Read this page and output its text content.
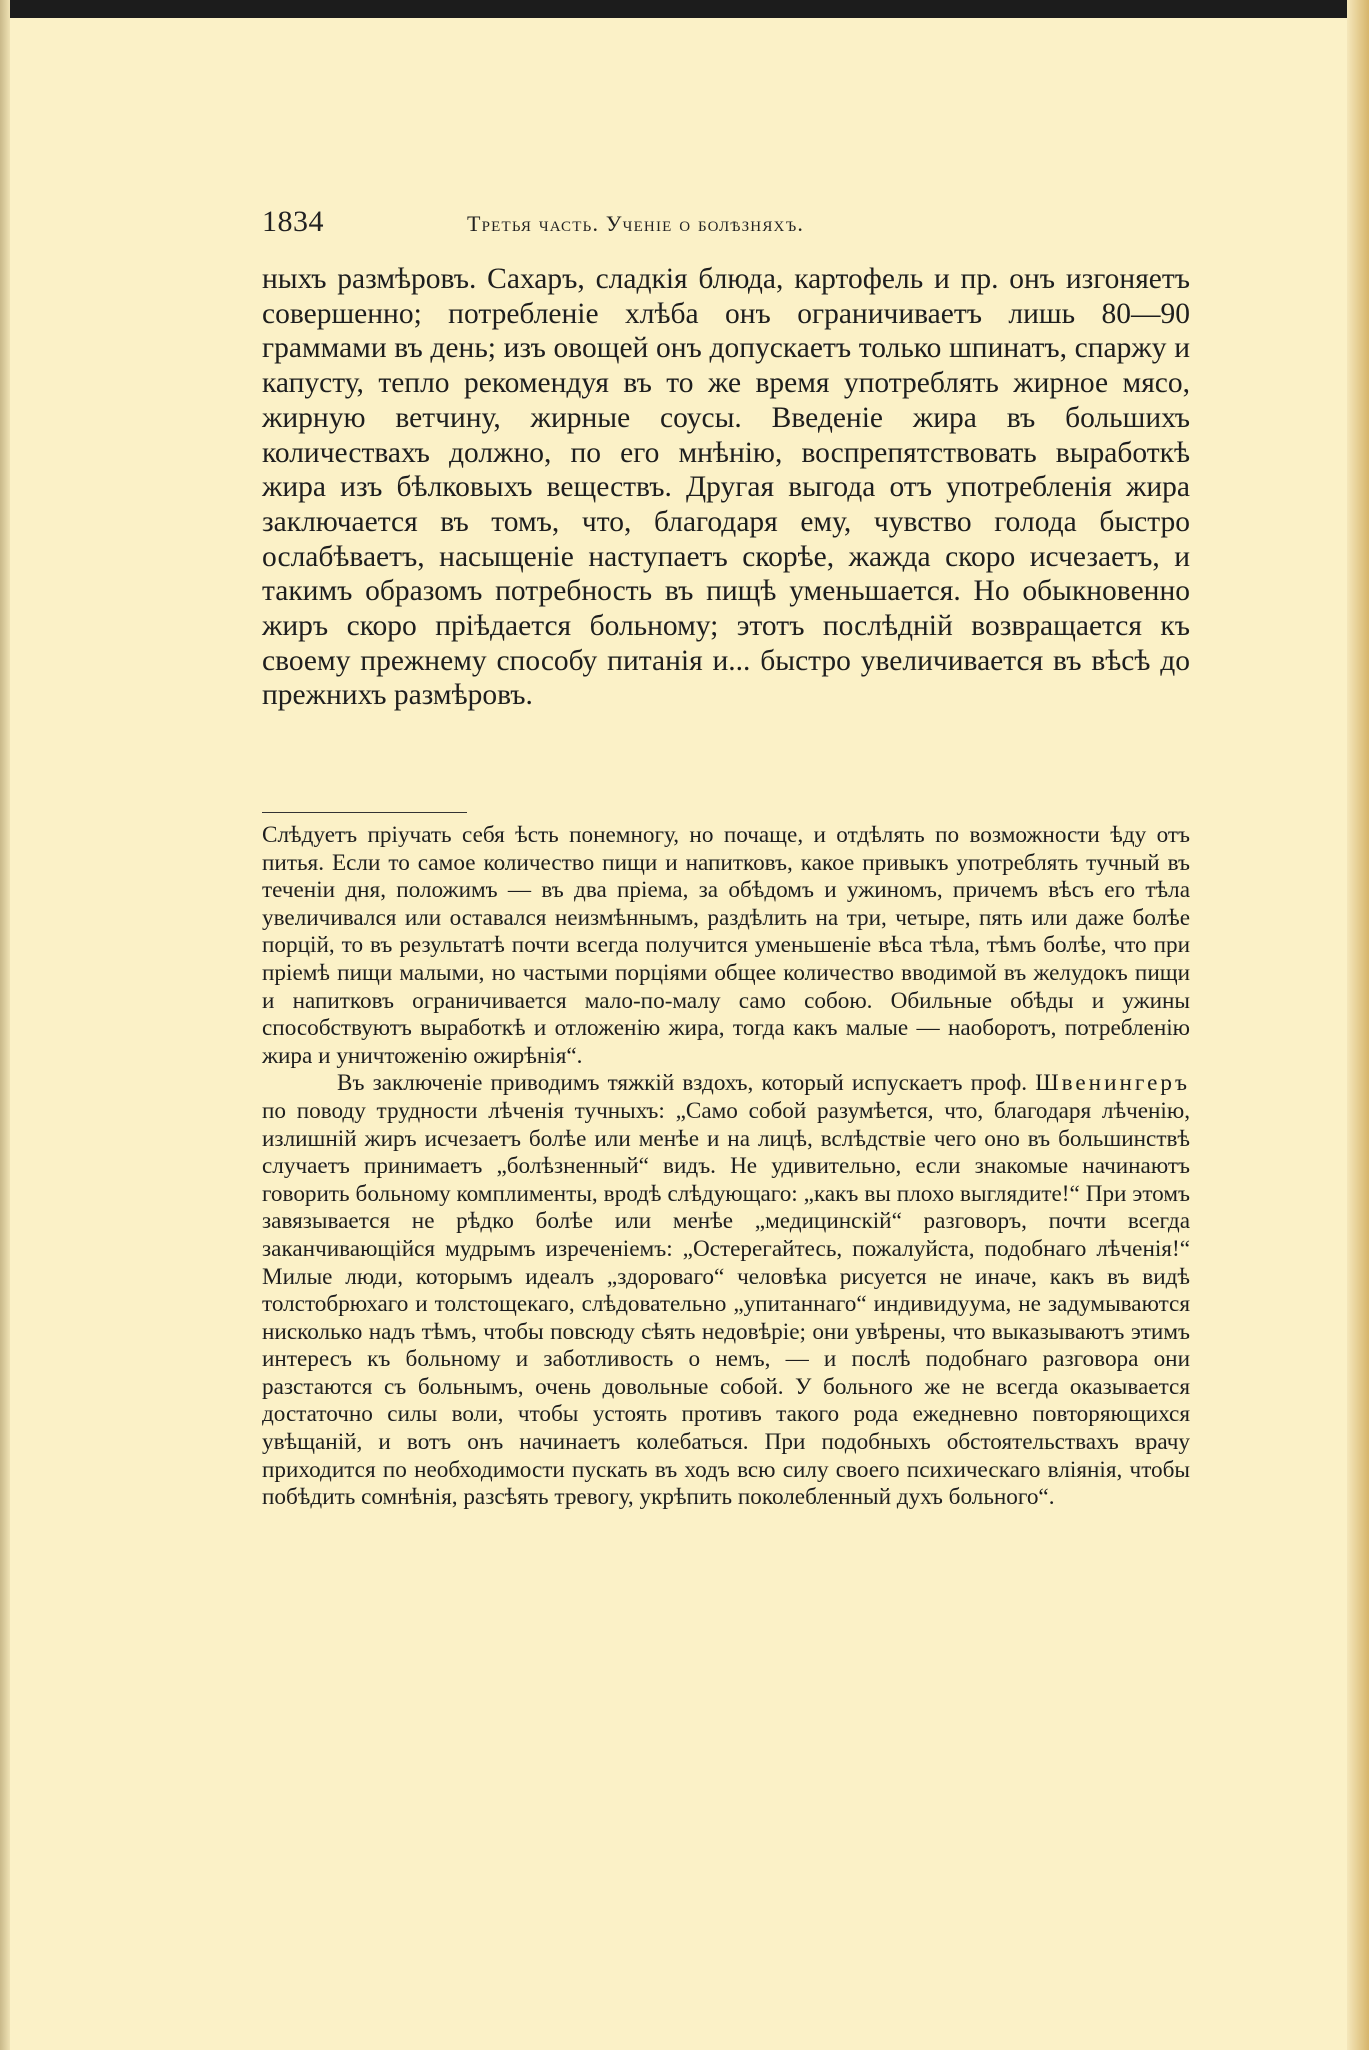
1834	Третья часть. Ученіе о болѣзняхъ.

ныхъ размѣровъ. Сахаръ, сладкія блюда, картофель и пр. онъ изгоняетъ совершенно; потребленіе хлѣба онъ ограничиваетъ лишь 80—90 граммами въ день; изъ овощей онъ допускаетъ только шпинатъ, спаржу и капусту, тепло рекомендуя въ то же время употреблять жирное мясо, жирную ветчину, жирные соусы. Введеніе жира въ большихъ количествахъ должно, по его мнѣнію, воспрепятствовать выработкѣ жира изъ бѣлковыхъ веществъ. Другая выгода отъ употребленія жира заключается въ томъ, что, благодаря ему, чувство голода быстро ослабѣваетъ, насыщеніе наступаетъ скорѣе, жажда скоро исчезаетъ, и такимъ образомъ потребность въ пищѣ уменьшается. Но обыкновенно жиръ скоро пріѣдается больному; этотъ послѣдній возвращается къ своему прежнему способу питанія и... быстро увеличивается въ вѣсѣ до прежнихъ размѣровъ.

Слѣдуетъ пріучать себя ѣсть понемногу, но почаще, и отдѣлять по возможности ѣду отъ питья. Если то самое количество пищи и напитковъ, какое привыкъ употреблять тучный въ теченіи дня, положимъ — въ два пріема, за обѣдомъ и ужиномъ, причемъ вѣсъ его тѣла увеличивался или оставался неизмѣннымъ, раздѣлить на три, четыре, пять или даже болѣе порцій, то въ результатѣ почти всегда получится уменьшеніе вѣса тѣла, тѣмъ болѣе, что при пріемѣ пищи малыми, но частыми порціями общее количество вводимой въ желудокъ пищи и напитковъ ограничивается мало-по-малу само собою. Обильные обѣды и ужины способствуютъ выработкѣ и отложенію жира, тогда какъ малые — наоборотъ, потребленію жира и уничтоженію ожирѣнія“.

Въ заключеніе приводимъ тяжкій вздохъ, который испускаетъ проф. Швенингеръ по поводу трудности лѣченія тучныхъ: „Само собой разумѣется, что, благодаря лѣченію, излишній жиръ исчезаетъ болѣе или менѣе и на лицѣ, вслѣдствіе чего оно въ большинствѣ случаетъ принимаетъ „болѣзненный“ видъ. Не удивительно, если знакомые начинаютъ говорить больному комплименты, вродѣ слѣдующаго: „какъ вы плохо выглядите!“ При этомъ завязывается не рѣдко болѣе или менѣе „медицинскій“ разговоръ, почти всегда заканчивающійся мудрымъ изреченіемъ: „Остерегайтесь, пожалуйста, подобнаго лѣченія!“ Милые люди, которымъ идеалъ „здороваго“ человѣка рисуется не иначе, какъ въ видѣ толстобрюхаго и толстощекаго, слѣдовательно „упитаннаго“ индивидуума, не задумываются нисколько надъ тѣмъ, чтобы повсюду сѣять недовѣріе; они увѣрены, что выказываютъ этимъ интересъ къ больному и заботливость о немъ, — и послѣ подобнаго разговора они разстаются съ больнымъ, очень довольные собой. У больного же не всегда оказывается достаточно силы воли, чтобы устоять противъ такого рода ежедневно повторяющихся увѣщаній, и вотъ онъ начинаетъ колебаться. При подобныхъ обстоятельствахъ врачу приходится по необходимости пускать въ ходъ всю силу своего психическаго вліянія, чтобы побѣдить сомнѣнія, разсѣять тревогу, укрѣпить поколебленный духъ больного“.
